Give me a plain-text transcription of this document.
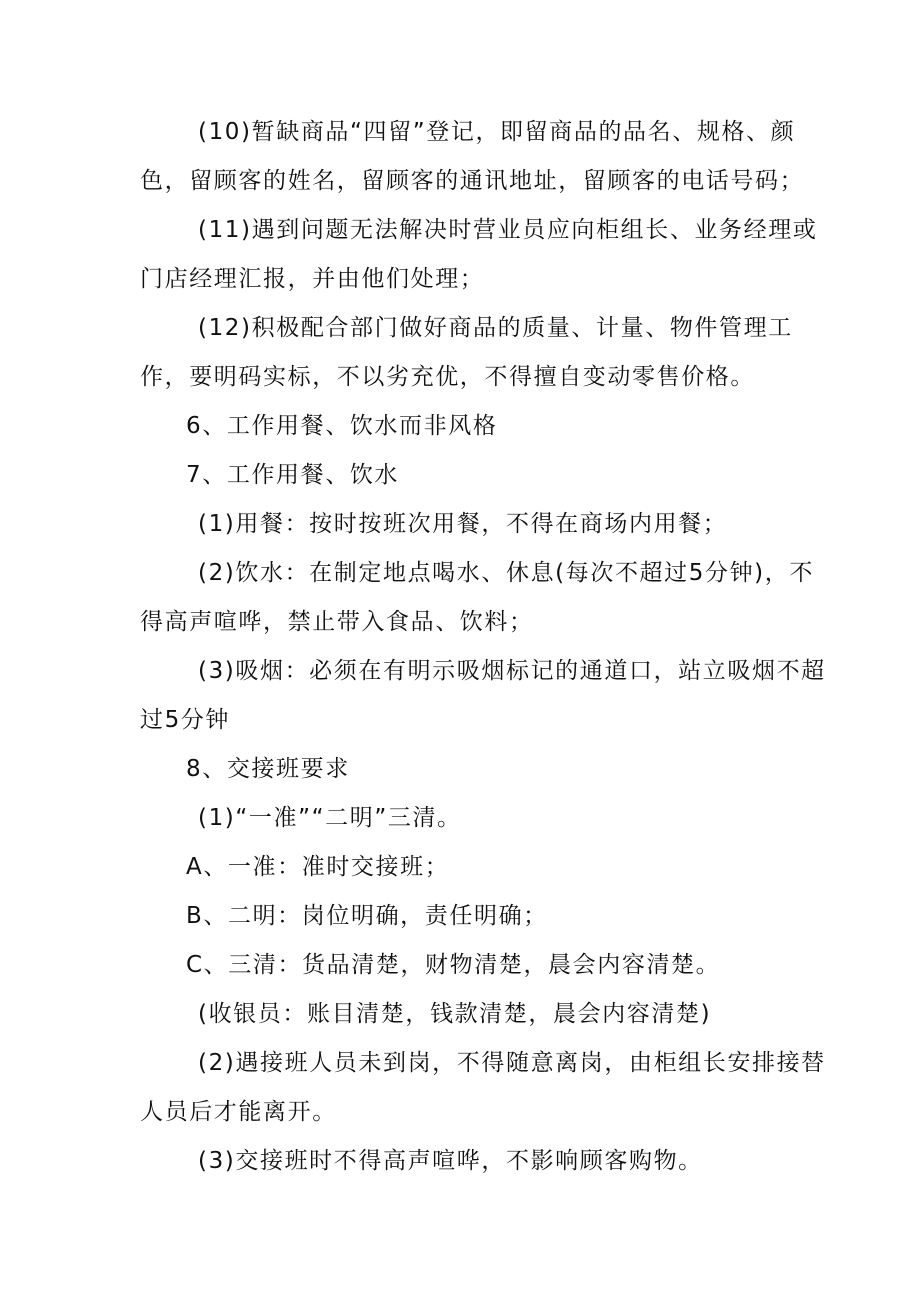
(10)暂缺商品“四留”登记，即留商品的品名、规格、颜
色，留顾客的姓名，留顾客的通讯地址，留顾客的电话号码；
(11)遇到问题无法解决时营业员应向柜组长、业务经理或
门店经理汇报，并由他们处理；
(12)积极配合部门做好商品的质量、计量、物件管理工
作，要明码实标，不以劣充优，不得擅自变动零售价格。
6、工作用餐、饮水而非风格
7、工作用餐、饮水
(1)用餐：按时按班次用餐，不得在商场内用餐；
(2)饮水：在制定地点喝水、休息(每次不超过5分钟)，不
得高声喧哗，禁止带入食品、饮料；
(3)吸烟：必须在有明示吸烟标记的通道口，站立吸烟不超
过5分钟
8、交接班要求
(1)“一准”“二明”三清。
A、一准：准时交接班；
B、二明：岗位明确，责任明确；
C、三清：货品清楚，财物清楚，晨会内容清楚。
(收银员：账目清楚，钱款清楚，晨会内容清楚)
(2)遇接班人员未到岗，不得随意离岗，由柜组长安排接替
人员后才能离开。
(3)交接班时不得高声喧哗，不影响顾客购物。
